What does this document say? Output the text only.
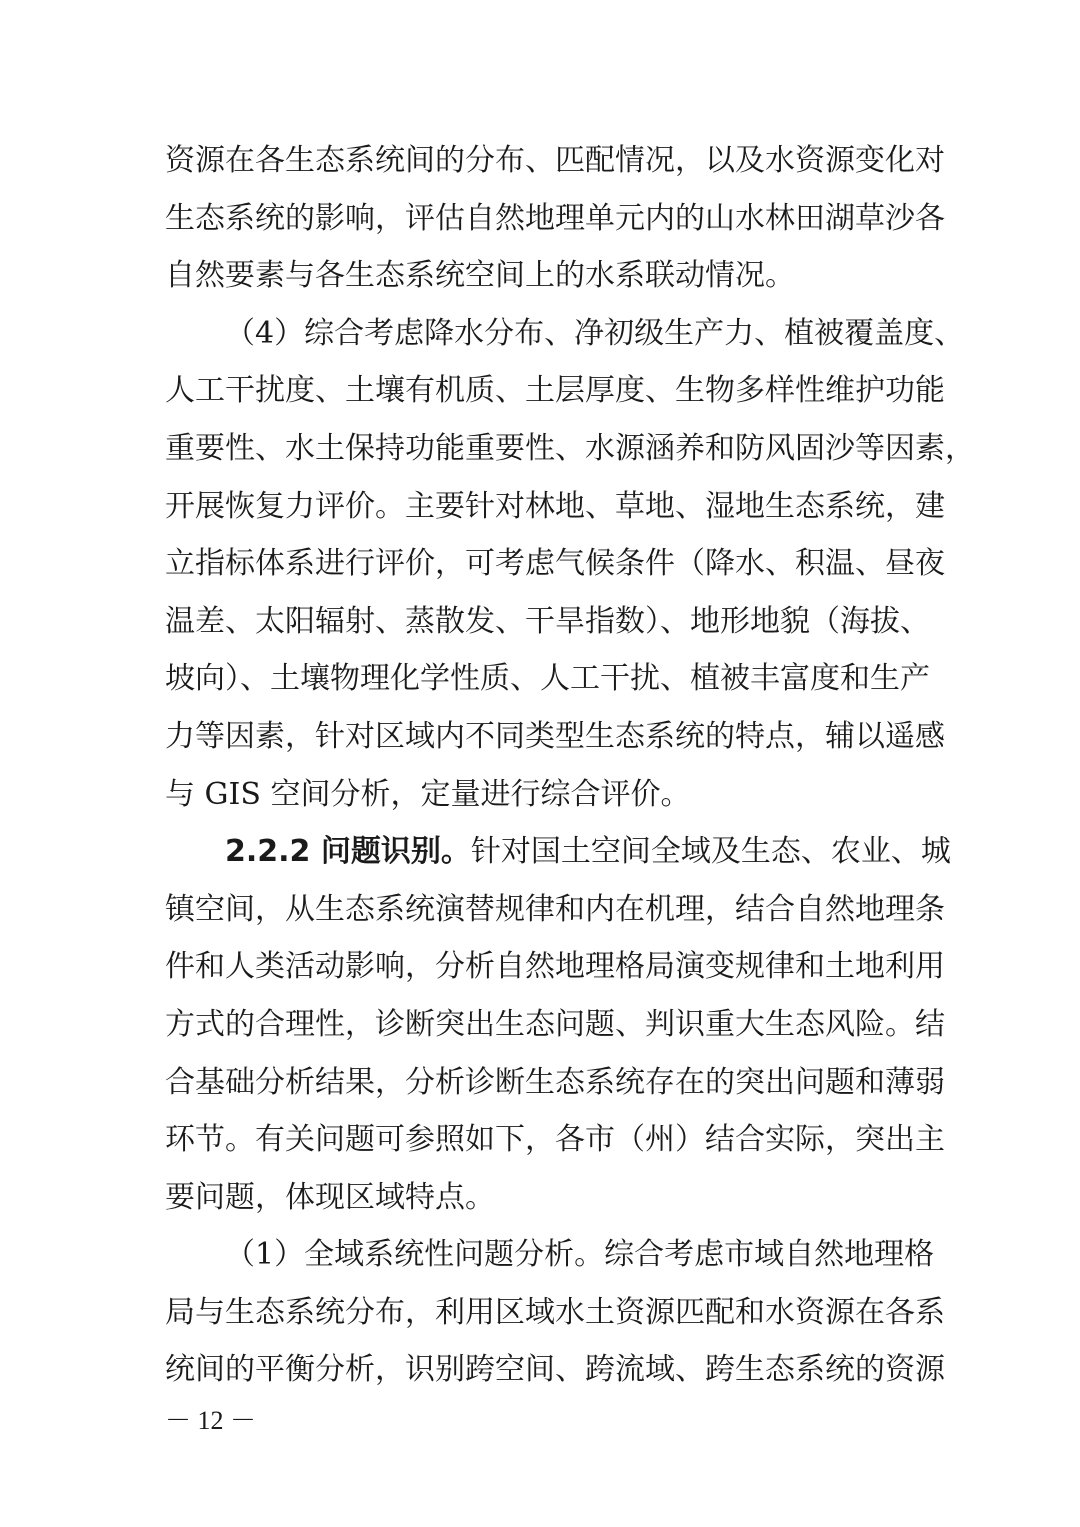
资源在各生态系统间的分布、匹配情况，以及水资源变化对
生态系统的影响，评估自然地理单元内的山水林田湖草沙各
自然要素与各生态系统空间上的水系联动情况。
（4）综合考虑降水分布、净初级生产力、植被覆盖度、
人工干扰度、土壤有机质、土层厚度、生物多样性维护功能
重要性、水土保持功能重要性、水源涵养和防风固沙等因素，
开展恢复力评价。主要针对林地、草地、湿地生态系统，建
立指标体系进行评价，可考虑气候条件（降水、积温、昼夜
温差、太阳辐射、蒸散发、干旱指数）、地形地貌（海拔、
坡向）、土壤物理化学性质、人工干扰、植被丰富度和生产
力等因素，针对区域内不同类型生态系统的特点，辅以遥感
与 GIS 空间分析，定量进行综合评价。
2.2.2 问题识别。针对国土空间全域及生态、农业、城
镇空间，从生态系统演替规律和内在机理，结合自然地理条
件和人类活动影响，分析自然地理格局演变规律和土地利用
方式的合理性，诊断突出生态问题、判识重大生态风险。结
合基础分析结果，分析诊断生态系统存在的突出问题和薄弱
环节。有关问题可参照如下，各市（州）结合实际，突出主
要问题，体现区域特点。
（1）全域系统性问题分析。综合考虑市域自然地理格
局与生态系统分布，利用区域水土资源匹配和水资源在各系
统间的平衡分析，识别跨空间、跨流域、跨生态系统的资源
－ 12 －
